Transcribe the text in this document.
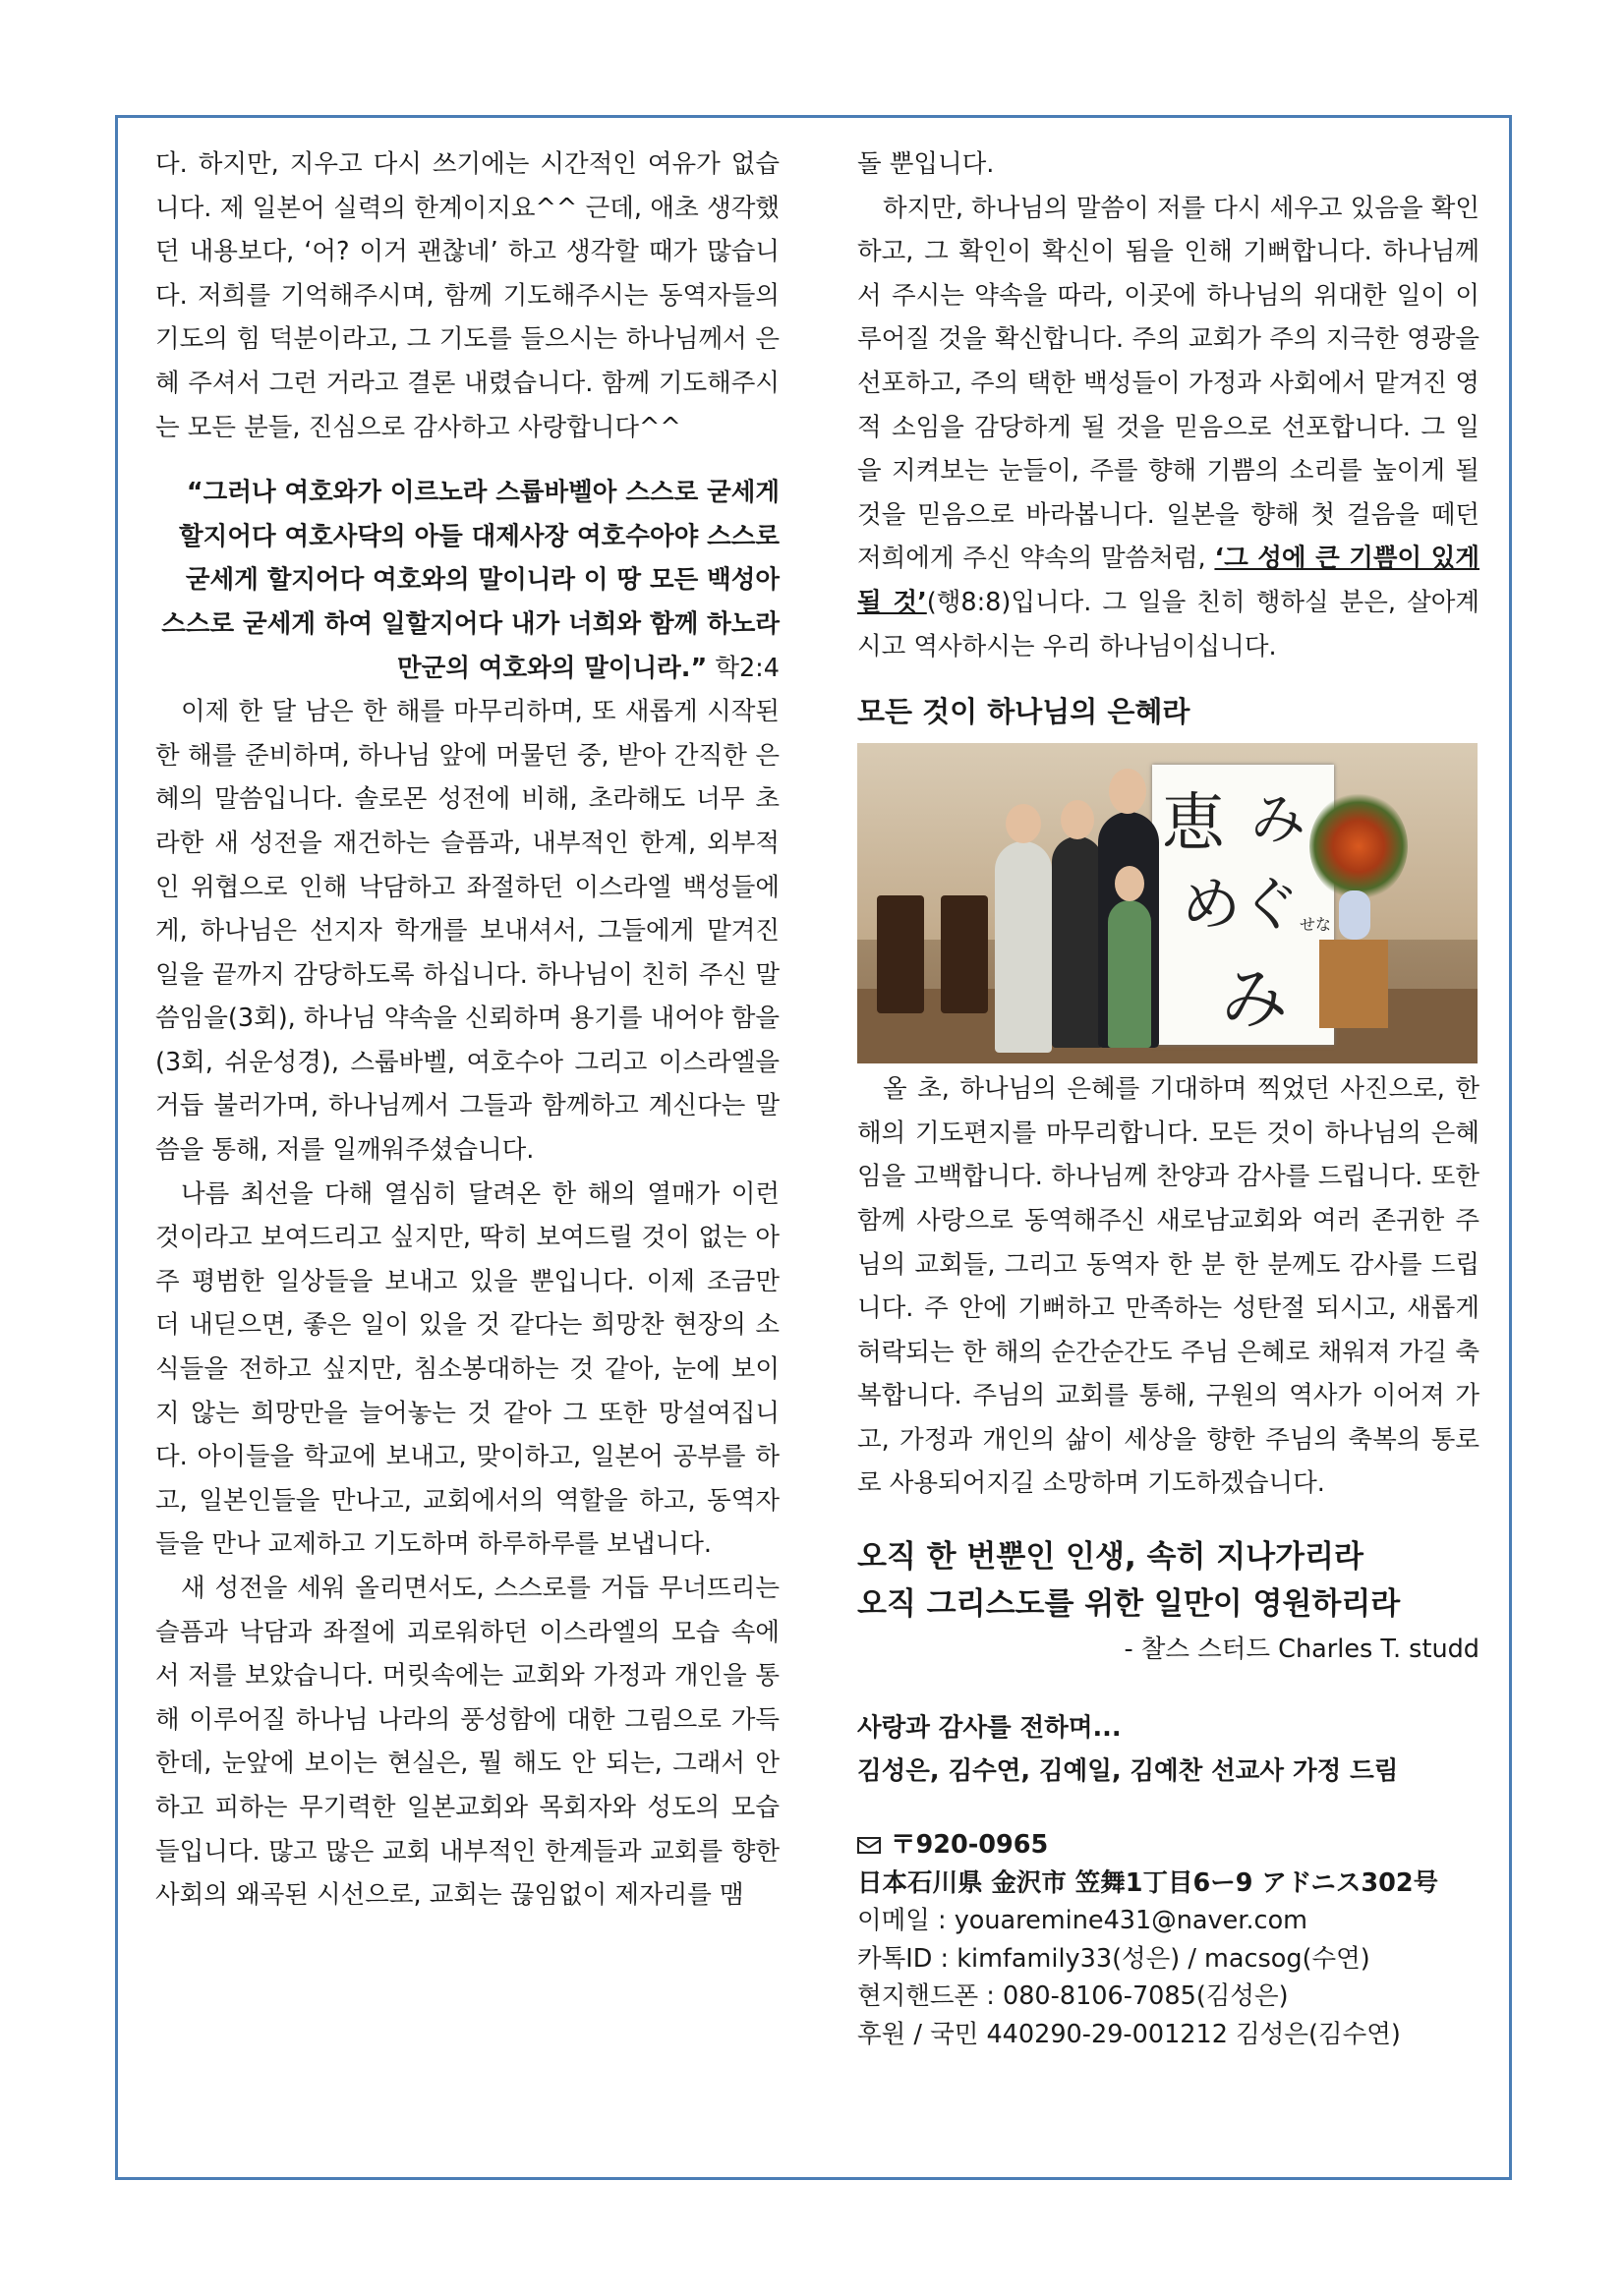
다. 하지만, 지우고 다시 쓰기에는 시간적인 여유가 없습니다. 제 일본어 실력의 한계이지요^^ 근데, 애초 생각했던 내용보다, ‘어? 이거 괜찮네’ 하고 생각할 때가 많습니다. 저희를 기억해주시며, 함께 기도해주시는 동역자들의 기도의 힘 덕분이라고, 그 기도를 들으시는 하나님께서 은혜 주셔서 그런 거라고 결론 내렸습니다. 함께 기도해주시는 모든 분들, 진심으로 감사하고 사랑합니다^^

“그러나 여호와가 이르노라 스룹바벨아 스스로 굳세게 할지어다 여호사닥의 아들 대제사장 여호수아야 스스로 굳세게 할지어다 여호와의 말이니라 이 땅 모든 백성아 스스로 굳세게 하여 일할지어다 내가 너희와 함께 하노라 만군의 여호와의 말이니라.” 학2:4

이제 한 달 남은 한 해를 마무리하며, 또 새롭게 시작된 한 해를 준비하며, 하나님 앞에 머물던 중, 받아 간직한 은혜의 말씀입니다. 솔로몬 성전에 비해, 초라해도 너무 초라한 새 성전을 재건하는 슬픔과, 내부적인 한계, 외부적인 위협으로 인해 낙담하고 좌절하던 이스라엘 백성들에게, 하나님은 선지자 학개를 보내셔서, 그들에게 맡겨진 일을 끝까지 감당하도록 하십니다. 하나님이 친히 주신 말씀임을(3회), 하나님 약속을 신뢰하며 용기를 내어야 함을(3회, 쉬운성경), 스룹바벨, 여호수아 그리고 이스라엘을 거듭 불러가며, 하나님께서 그들과 함께하고 계신다는 말씀을 통해, 저를 일깨워주셨습니다.

나름 최선을 다해 열심히 달려온 한 해의 열매가 이런 것이라고 보여드리고 싶지만, 딱히 보여드릴 것이 없는 아주 평범한 일상들을 보내고 있을 뿐입니다. 이제 조금만 더 내딛으면, 좋은 일이 있을 것 같다는 희망찬 현장의 소식들을 전하고 싶지만, 침소봉대하는 것 같아, 눈에 보이지 않는 희망만을 늘어놓는 것 같아 그 또한 망설여집니다. 아이들을 학교에 보내고, 맞이하고, 일본어 공부를 하고, 일본인들을 만나고, 교회에서의 역할을 하고, 동역자들을 만나 교제하고 기도하며 하루하루를 보냅니다.

새 성전을 세워 올리면서도, 스스로를 거듭 무너뜨리는 슬픔과 낙담과 좌절에 괴로워하던 이스라엘의 모습 속에서 저를 보았습니다. 머릿속에는 교회와 가정과 개인을 통해 이루어질 하나님 나라의 풍성함에 대한 그림으로 가득한데, 눈앞에 보이는 현실은, 뭘 해도 안 되는, 그래서 안하고 피하는 무기력한 일본교회와 목회자와 성도의 모습들입니다. 많고 많은 교회 내부적인 한계들과 교회를 향한 사회의 왜곡된 시선으로, 교회는 끊임없이 제자리를 맴

돌 뿐입니다.

하지만, 하나님의 말씀이 저를 다시 세우고 있음을 확인하고, 그 확인이 확신이 됨을 인해 기뻐합니다. 하나님께서 주시는 약속을 따라, 이곳에 하나님의 위대한 일이 이루어질 것을 확신합니다. 주의 교회가 주의 지극한 영광을 선포하고, 주의 택한 백성들이 가정과 사회에서 맡겨진 영적 소임을 감당하게 될 것을 믿음으로 선포합니다. 그 일을 지켜보는 눈들이, 주를 향해 기쁨의 소리를 높이게 될 것을 믿음으로 바라봅니다. 일본을 향해 첫 걸음을 떼던 저희에게 주신 약속의 말씀처럼, ‘그 성에 큰 기쁨이 있게 될 것’(행8:8)입니다. 그 일을 친히 행하실 분은, 살아계시고 역사하시는 우리 하나님이십니다.

모든 것이 하나님의 은혜라
恵 み
めぐ
み
せな

올 초, 하나님의 은혜를 기대하며 찍었던 사진으로, 한 해의 기도편지를 마무리합니다. 모든 것이 하나님의 은혜임을 고백합니다. 하나님께 찬양과 감사를 드립니다. 또한 함께 사랑으로 동역해주신 새로남교회와 여러 존귀한 주님의 교회들, 그리고 동역자 한 분 한 분께도 감사를 드립니다. 주 안에 기뻐하고 만족하는 성탄절 되시고, 새롭게 허락되는 한 해의 순간순간도 주님 은혜로 채워져 가길 축복합니다. 주님의 교회를 통해, 구원의 역사가 이어져 가고, 가정과 개인의 삶이 세상을 향한 주님의 축복의 통로로 사용되어지길 소망하며 기도하겠습니다.

오직 한 번뿐인 인생, 속히 지나가리라
오직 그리스도를 위한 일만이 영원하리라
- 찰스 스터드 Charles T. studd
사랑과 감사를 전하며...
김성은, 김수연, 김예일, 김예찬 선교사 가정 드림
〒920-0965
日本石川県 金沢市 笠舞1丁目6ー9 アドニス302号
이메일 : youaremine431@naver.com
카톡ID : kimfamily33(성은) / macsog(수연)
현지핸드폰 : 080-8106-7085(김성은)
후원 / 국민 440290-29-001212 김성은(김수연)
